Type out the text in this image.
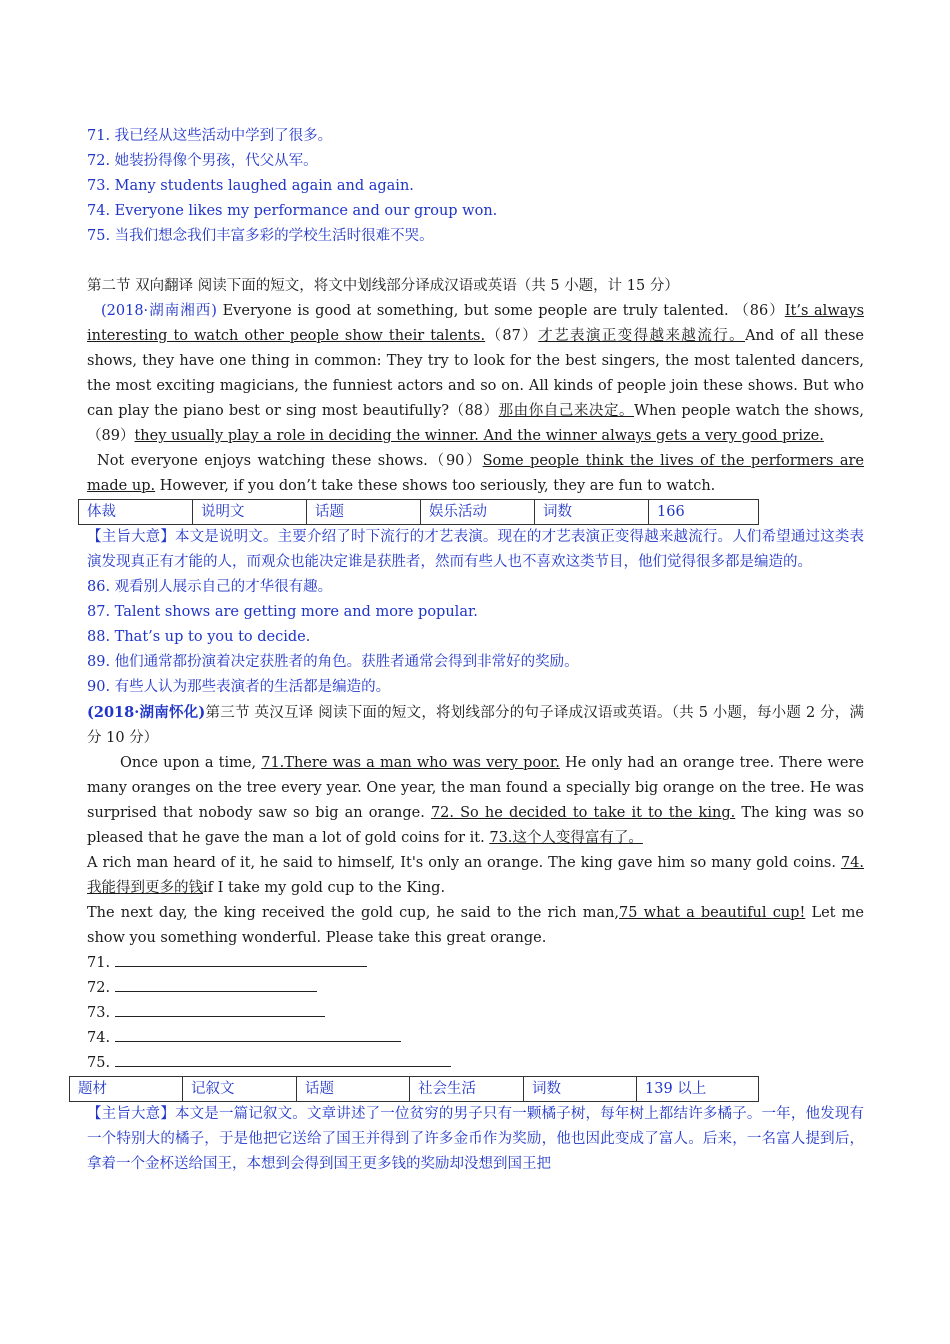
71. 我已经从这些活动中学到了很多。
72. 她装扮得像个男孩，代父从军。
73. Many students laughed again and again.
74. Everyone likes my performance and our group won.
75. 当我们想念我们丰富多彩的学校生活时很难不哭。
第二节 双向翻译 阅读下面的短文，将文中划线部分译成汉语或英语（共 5 小题，计 15 分）
(2018·湖南湘西) Everyone is good at something, but some people are truly talented. （86）It’s always interesting to watch other people show their talents.（87）才艺表演正变得越来越流行。And of all these shows, they have one thing in common: They try to look for the best singers, the most talented dancers, the most exciting magicians, the funniest actors and so on. All kinds of people join these shows. But who can play the piano best or sing most beautifully?（88）那由你自己来决定。When people watch the shows, （89）they usually play a role in deciding the winner. And the winner always gets a very good prize.
Not everyone enjoys watching these shows.（90）Some people think the lives of the performers are made up. However, if you don’t take these shows too seriously, they are fun to watch.
体裁	说明文	话题	娱乐活动	词数	166
【主旨大意】本文是说明文。主要介绍了时下流行的才艺表演。现在的才艺表演正变得越来越流行。人们希望通过这类表演发现真正有才能的人，而观众也能决定谁是获胜者，然而有些人也不喜欢这类节目，他们觉得很多都是编造的。
86. 观看别人展示自己的才华很有趣。
87. Talent shows are getting more and more popular.
88. That’s up to you to decide.
89. 他们通常都扮演着决定获胜者的角色。获胜者通常会得到非常好的奖励。
90. 有些人认为那些表演者的生活都是编造的。
(2018·湖南怀化)第三节 英汉互译 阅读下面的短文，将划线部分的句子译成汉语或英语。（共 5 小题，每小题 2 分，满分 10 分）
Once upon a time, 71.There was a man who was very poor. He only had an orange tree. There were many oranges on the tree every year. One year, the man found a specially big orange on the tree. He was surprised that nobody saw so big an orange. 72. So he decided to take it to the king. The king was so pleased that he gave the man a lot of gold coins for it. 73.这个人变得富有了。
A rich man heard of it, he said to himself, It's only an orange. The king gave him so many gold coins. 74.我能得到更多的钱if I take my gold cup to the King.
The next day, the king received the gold cup, he said to the rich man,75 what a beautiful cup! Let me show you something wonderful. Please take this great orange.
71.
72.
73.
74.
75.
题材	记叙文	话题	社会生活	词数	139 以上
【主旨大意】本文是一篇记叙文。文章讲述了一位贫穷的男子只有一颗橘子树，每年树上都结许多橘子。一年，他发现有一个特别大的橘子，于是他把它送给了国王并得到了许多金币作为奖励，他也因此变成了富人。后来，一名富人提到后，拿着一个金杯送给国王，本想到会得到国王更多钱的奖励却没想到国王把
